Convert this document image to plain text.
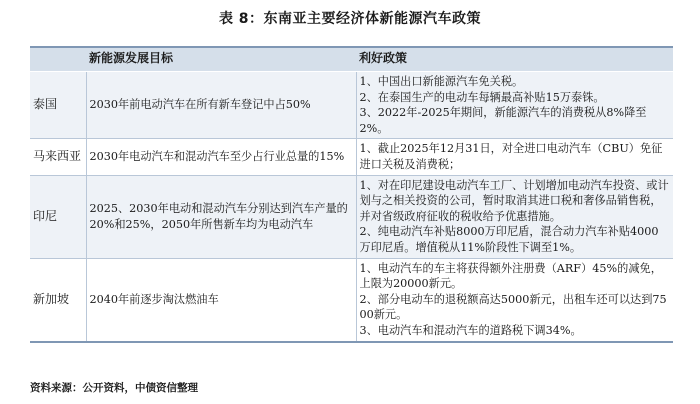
表 8：东南亚主要经济体新能源汽车政策
	新能源发展目标	利好政策
泰国	2030年前电动汽车在所有新车登记中占50%	1、中国出口新能源汽车免关税。
2、在泰国生产的电动车每辆最高补贴15万泰铢。
3、2022年-2025年期间，新能源汽车的消费税从8%降至2%。

马来西亚	2030年电动汽车和混动汽车至少占行业总量的15%	1、截止2025年12月31日，对全进口电动汽车（CBU）免征进口关税及消费税；

印尼	2025、2030年电动和混动汽车分别达到汽车产量的20%和25%，2050年所售新车均为电动汽车	1、对在印尼建设电动汽车工厂、计划增加电动汽车投资、或计划与之相关投资的公司，暂时取消其进口税和奢侈品销售税，并对省级政府征收的税收给予优惠措施。
2、纯电动汽车补贴8000万印尼盾，混合动力汽车补贴4000万印尼盾。增值税从11%阶段性下调至1%。

新加坡	2040年前逐步淘汰燃油车	1、电动汽车的车主将获得额外注册费（ARF）45%的减免，上限为20000新元。
2、部分电动车的退税额高达5000新元，出租车还可以达到7500新元。
3、电动汽车和混动汽车的道路税下调34%。
资料来源：公开资料，中债资信整理
